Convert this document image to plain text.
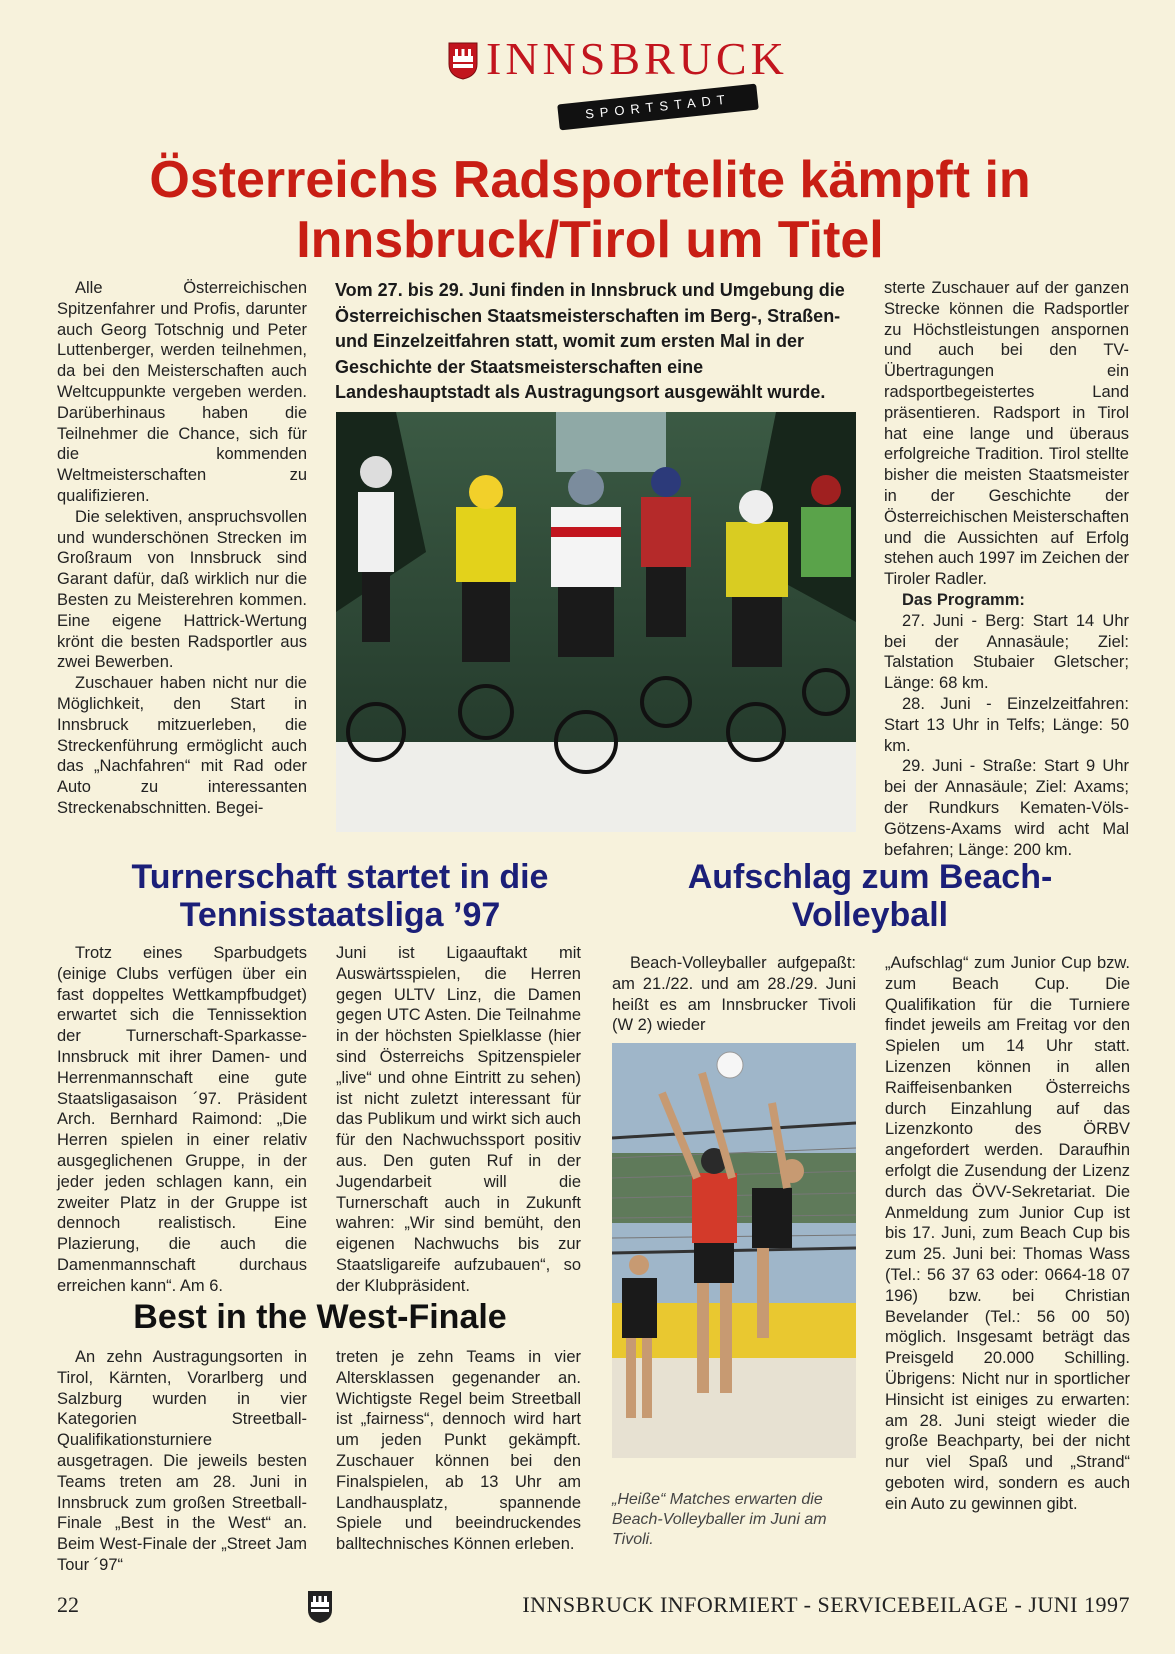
INNSBRUCK
SPORTSTADT
Österreichs Radsportelite kämpft in Innsbruck/Tirol um Titel

Alle Österreichischen Spitzenfahrer und Profis, darunter auch Georg Totschnig und Peter Luttenberger, werden teilnehmen, da bei den Meisterschaften auch Weltcuppunkte vergeben werden. Darüberhinaus haben die Teilnehmer die Chance, sich für die kommenden Weltmeisterschaften zu qualifizieren.

Die selektiven, anspruchsvollen und wunderschönen Strecken im Großraum von Innsbruck sind Garant dafür, daß wirklich nur die Besten zu Meisterehren kommen. Eine eigene Hattrick-Wertung krönt die besten Radsportler aus zwei Bewerben.

Zuschauer haben nicht nur die Möglichkeit, den Start in Innsbruck mitzuerleben, die Streckenführung ermöglicht auch das „Nachfahren“ mit Rad oder Auto zu interessanten Streckenabschnitten. Begei-

Vom 27. bis 29. Juni finden in Innsbruck und Umgebung die Österreichischen Staatsmeisterschaften im Berg-, Straßen- und Einzelzeitfahren statt, womit zum ersten Mal in der Geschichte der Staatsmeisterschaften eine Landeshauptstadt als Austragungsort ausgewählt wurde.

sterte Zuschauer auf der ganzen Strecke können die Radsportler zu Höchstleistungen anspornen und auch bei den TV-Übertragungen ein radsportbegeistertes Land präsentieren. Radsport in Tirol hat eine lange und überaus erfolgreiche Tradition. Tirol stellte bisher die meisten Staatsmeister in der Geschichte der Österreichischen Meisterschaften und die Aussichten auf Erfolg stehen auch 1997 im Zeichen der Tiroler Radler.

Das Programm:

27. Juni - Berg: Start 14 Uhr bei der Annasäule; Ziel: Talstation Stubaier Gletscher; Länge: 68 km.

28. Juni - Einzelzeitfahren: Start 13 Uhr in Telfs; Länge: 50 km.

29. Juni - Straße: Start 9 Uhr bei der Annasäule; Ziel: Axams; der Rundkurs Kematen-Völs-Götzens-Axams wird acht Mal befahren; Länge: 200 km.

Turnerschaft startet in die Tennisstaatsliga ’97

Trotz eines Sparbudgets (einige Clubs verfügen über ein fast doppeltes Wettkampfbudget) erwartet sich die Tennissektion der Turnerschaft-Sparkasse-Innsbruck mit ihrer Damen- und Herrenmannschaft eine gute Staatsligasaison ´97. Präsident Arch. Bernhard Raimond: „Die Herren spielen in einer relativ ausgeglichenen Gruppe, in der jeder jeden schlagen kann, ein zweiter Platz in der Gruppe ist dennoch realistisch. Eine Plazierung, die auch die Damenmannschaft durchaus erreichen kann“. Am 6.

Juni ist Ligaauftakt mit Auswärtsspielen, die Herren gegen ULTV Linz, die Damen gegen UTC Asten. Die Teilnahme in der höchsten Spielklasse (hier sind Österreichs Spitzenspieler „live“ und ohne Eintritt zu sehen) ist nicht zuletzt interessant für das Publikum und wirkt sich auch für den Nachwuchssport positiv aus. Den guten Ruf in der Jugendarbeit will die Turnerschaft auch in Zukunft wahren: „Wir sind bemüht, den eigenen Nachwuchs bis zur Staatsligareife aufzubauen“, so der Klubpräsident.

Aufschlag zum Beach-Volleyball

Beach-Volleyballer aufgepaßt: am 21./22. und am 28./29. Juni heißt es am Innsbrucker Tivoli (W 2) wieder

„Heiße“ Matches erwarten die Beach-Volleyballer im Juni am Tivoli.

„Aufschlag“ zum Junior Cup bzw. zum Beach Cup. Die Qualifikation für die Turniere findet jeweils am Freitag vor den Spielen um 14 Uhr statt. Lizenzen können in allen Raiffeisenbanken Österreichs durch Einzahlung auf das Lizenzkonto des ÖRBV angefordert werden. Daraufhin erfolgt die Zusendung der Lizenz durch das ÖVV-Sekretariat. Die Anmeldung zum Junior Cup ist bis 17. Juni, zum Beach Cup bis zum 25. Juni bei: Thomas Wass (Tel.: 56 37 63 oder: 0664-18 07 196) bzw. bei Christian Bevelander (Tel.: 56 00 50) möglich. Insgesamt beträgt das Preisgeld 20.000 Schilling. Übrigens: Nicht nur in sportlicher Hinsicht ist einiges zu erwarten: am 28. Juni steigt wieder die große Beachparty, bei der nicht nur viel Spaß und „Strand“ geboten wird, sondern es auch ein Auto zu gewinnen gibt.

Best in the West-Finale

An zehn Austragungsorten in Tirol, Kärnten, Vorarlberg und Salzburg wurden in vier Kategorien Streetball-Qualifikationsturniere ausgetragen. Die jeweils besten Teams treten am 28. Juni in Innsbruck zum großen Streetball-Finale „Best in the West“ an. Beim West-Finale der „Street Jam Tour ´97“

treten je zehn Teams in vier Altersklassen gegenander an. Wichtigste Regel beim Streetball ist „fairness“, dennoch wird hart um jeden Punkt gekämpft. Zuschauer können bei den Finalspielen, ab 13 Uhr am Landhausplatz, spannende Spiele und beeindruckendes balltechnisches Können erleben.

22	INNSBRUCK INFORMIERT - SERVICEBEILAGE - JUNI 1997
